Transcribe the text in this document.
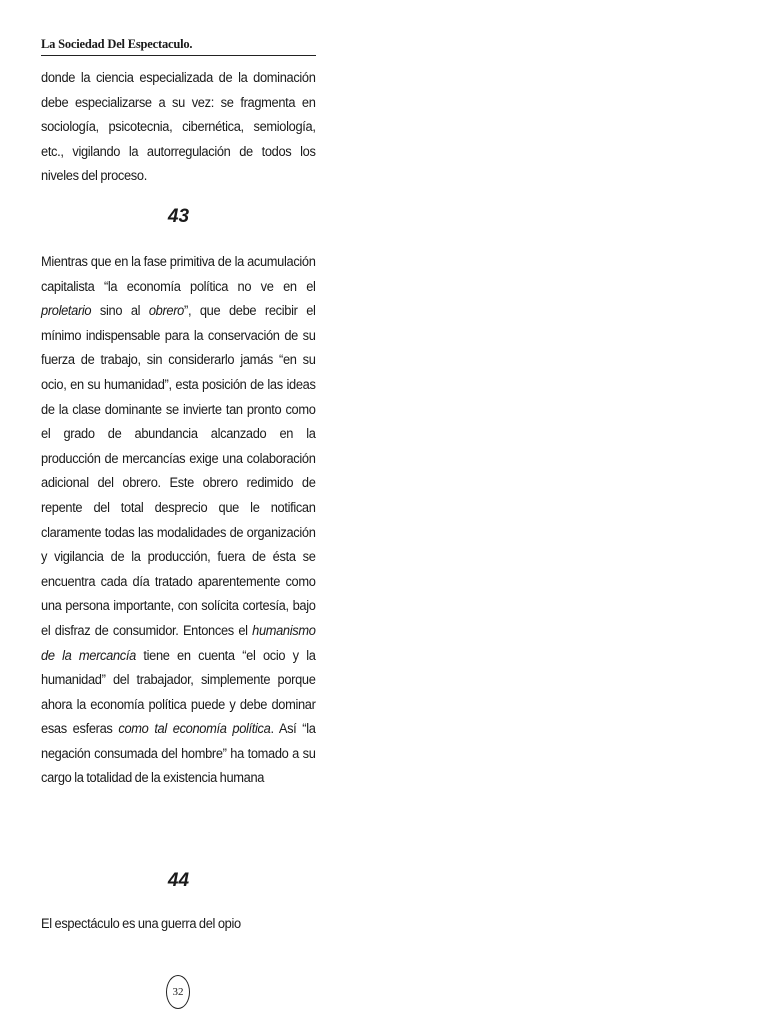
La Sociedad Del Espectaculo.
donde la ciencia especializada de la dominación debe especializarse a su vez: se fragmenta en sociología, psicotecnia, cibernética, semiología, etc., vigilando la autorregulación de todos los niveles del proceso.
43
Mientras que en la fase primitiva de la acumulación capitalista “la economía política no ve en el proletario sino al obrero”, que debe recibir el mínimo indispensable para la conservación de su fuerza de trabajo, sin considerarlo jamás “en su ocio, en su humanidad”, esta posición de las ideas de la clase dominante se invierte tan pronto como el grado de abundancia alcanzado en la producción de mercancías exige una colaboración adicional del obrero. Este obrero redimido de repente del total desprecio que le notifican claramente todas las modalidades de organización y vigilancia de la producción, fuera de ésta se encuentra cada día tratado aparentemente como una persona importante, con solícita cortesía, bajo el disfraz de consumidor. Entonces el humanismo de la mercancía tiene en cuenta “el ocio y la humanidad” del trabajador, simplemente porque ahora la economía política puede y debe dominar esas esferas como tal economía política. Así “la negación consumada del hombre” ha tomado a su cargo la totalidad de la existencia humana
44
El espectáculo es una guerra del opio
32
